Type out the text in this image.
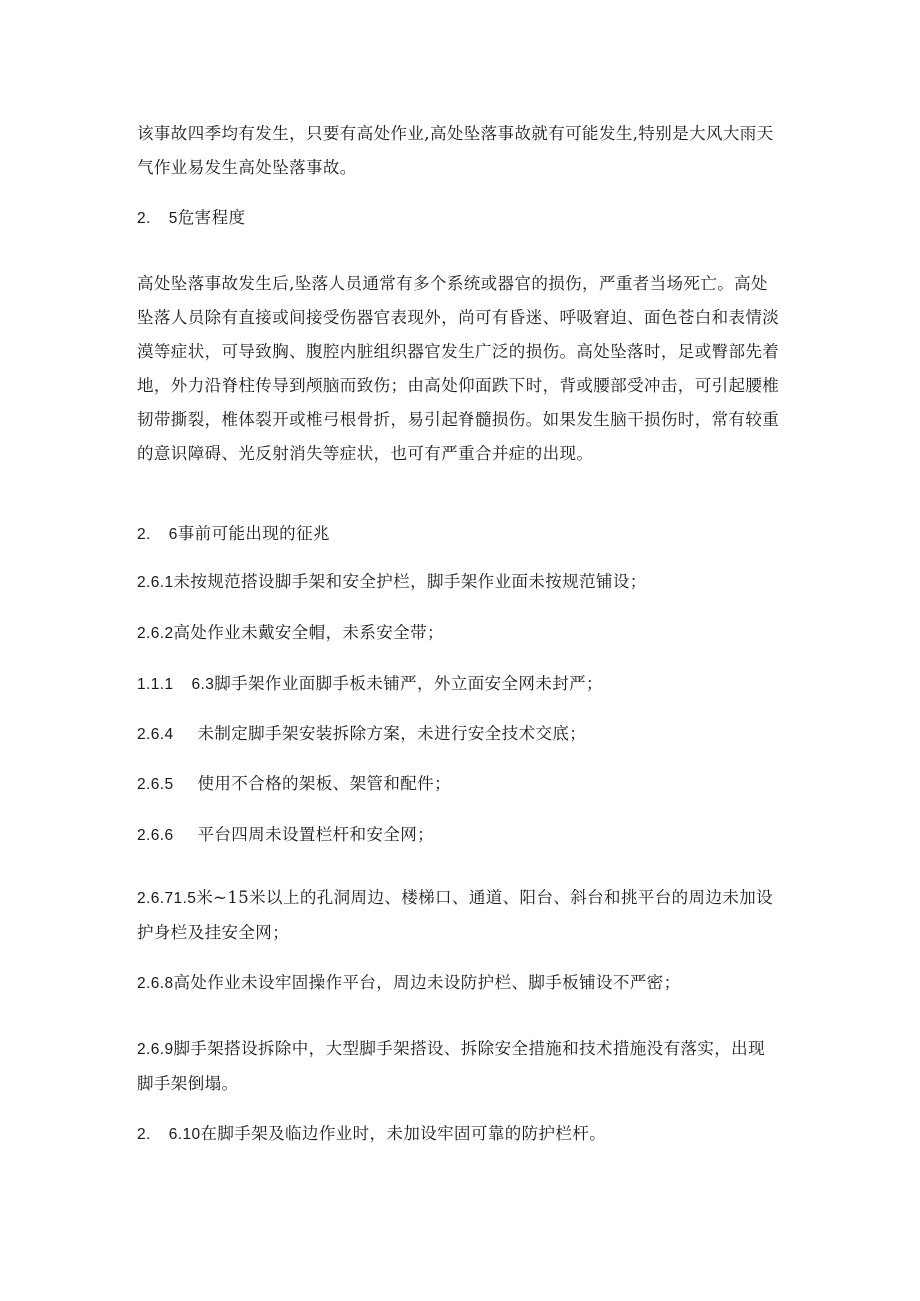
该事故四季均有发生，只要有高处作业,高处坠落事故就有可能发生,特别是大风大雨天
气作业易发生高处坠落事故。
2. 5危害程度
高处坠落事故发生后,坠落人员通常有多个系统或器官的损伤，严重者当场死亡。高处
坠落人员除有直接或间接受伤器官表现外，尚可有昏迷、呼吸窘迫、面色苍白和表情淡
漠等症状，可导致胸、腹腔内脏组织器官发生广泛的损伤。高处坠落时，足或臀部先着
地，外力沿脊柱传导到颅脑而致伤；由高处仰面跌下时，背或腰部受冲击，可引起腰椎
韧带撕裂，椎体裂开或椎弓根骨折，易引起脊髓损伤。如果发生脑干损伤时，常有较重
的意识障碍、光反射消失等症状，也可有严重合并症的出现。
2. 6事前可能出现的征兆
2.6.1未按规范搭设脚手架和安全护栏，脚手架作业面未按规范铺设；
2.6.2高处作业未戴安全帽，未系安全带；
1.1.1 6.3脚手架作业面脚手板未铺严，外立面安全网未封严；
2.6.4 未制定脚手架安装拆除方案，未进行安全技术交底；
2.6.5 使用不合格的架板、架管和配件；
2.6.6 平台四周未设置栏杆和安全网；
2.6.71.5米~15米以上的孔洞周边、楼梯口、通道、阳台、斜台和挑平台的周边未加设
护身栏及挂安全网；
2.6.8高处作业未设牢固操作平台，周边未设防护栏、脚手板铺设不严密；
2.6.9脚手架搭设拆除中，大型脚手架搭设、拆除安全措施和技术措施没有落实，出现
脚手架倒塌。
2. 6.10在脚手架及临边作业时，未加设牢固可靠的防护栏杆。
